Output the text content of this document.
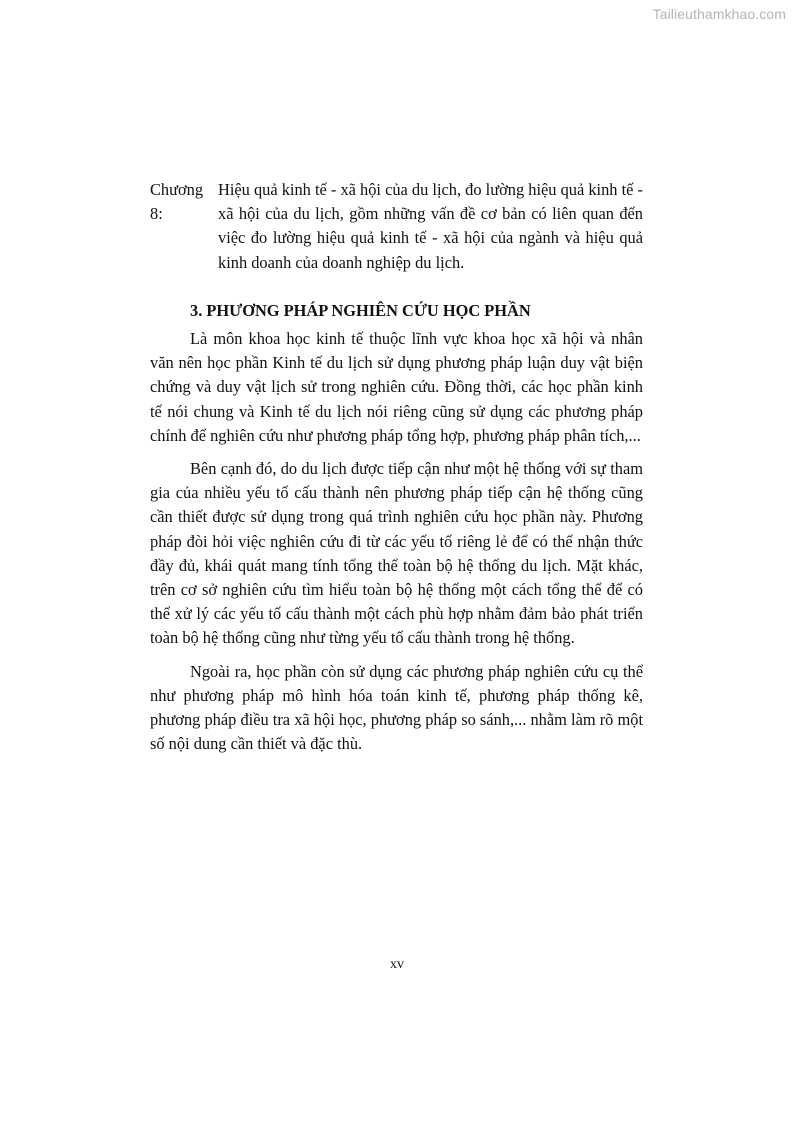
Tailieuthamkhao.com
Chương 8:
Hiệu quả kinh tế - xã hội của du lịch, đo lường hiệu quả kinh tế - xã hội của du lịch, gồm những vấn đề cơ bản có liên quan đến việc đo lường hiệu quả kinh tế - xã hội của ngành và hiệu quả kinh doanh của doanh nghiệp du lịch.
3. PHƯƠNG PHÁP NGHIÊN CỨU HỌC PHẦN

Là môn khoa học kinh tế thuộc lĩnh vực khoa học xã hội và nhân văn nên học phần Kinh tế du lịch sử dụng phương pháp luận duy vật biện chứng và duy vật lịch sử trong nghiên cứu. Đồng thời, các học phần kinh tế nói chung và Kinh tế du lịch nói riêng cũng sử dụng các phương pháp chính để nghiên cứu như phương pháp tổng hợp, phương pháp phân tích,...

Bên cạnh đó, do du lịch được tiếp cận như một hệ thống với sự tham gia của nhiều yếu tố cấu thành nên phương pháp tiếp cận hệ thống cũng cần thiết được sử dụng trong quá trình nghiên cứu học phần này. Phương pháp đòi hỏi việc nghiên cứu đi từ các yếu tố riêng lẻ để có thể nhận thức đầy đủ, khái quát mang tính tổng thể toàn bộ hệ thống du lịch. Mặt khác, trên cơ sở nghiên cứu tìm hiểu toàn bộ hệ thống một cách tổng thể để có thể xử lý các yếu tố cấu thành một cách phù hợp nhằm đảm bảo phát triển toàn bộ hệ thống cũng như từng yếu tố cấu thành trong hệ thống.

Ngoài ra, học phần còn sử dụng các phương pháp nghiên cứu cụ thể như phương pháp mô hình hóa toán kinh tế, phương pháp thống kê, phương pháp điều tra xã hội học, phương pháp so sánh,... nhằm làm rõ một số nội dung cần thiết và đặc thù.

xv
